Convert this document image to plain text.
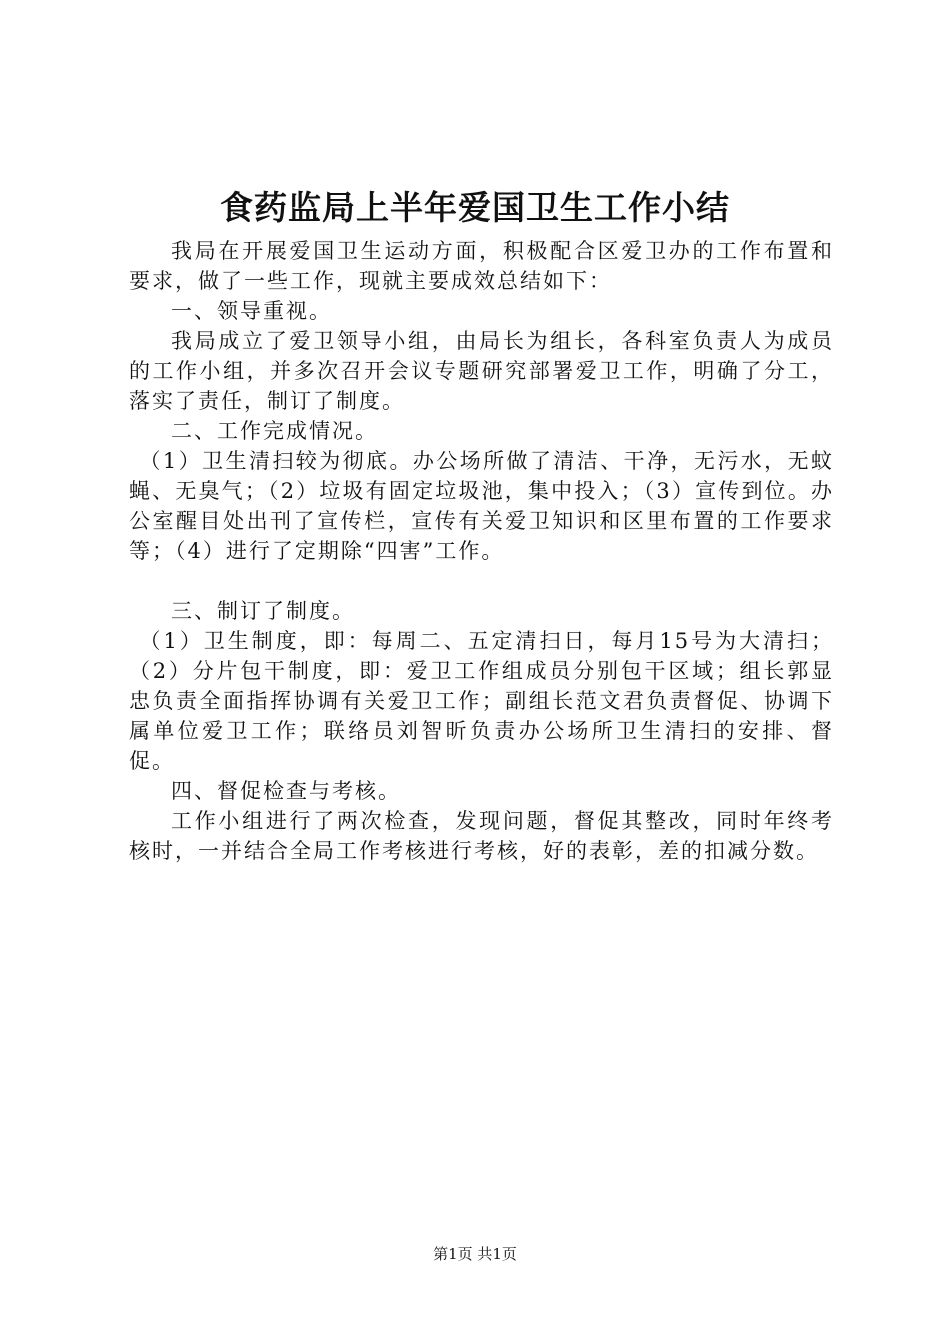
食药监局上半年爱国卫生工作小结

我局在开展爱国卫生运动方面，积极配合区爱卫办的工作布置和要求，做了一些工作，现就主要成效总结如下：

一、领导重视。

我局成立了爱卫领导小组，由局长为组长，各科室负责人为成员的工作小组，并多次召开会议专题研究部署爱卫工作，明确了分工，落实了责任，制订了制度。

二、工作完成情况。

（1）卫生清扫较为彻底。办公场所做了清洁、干净，无污水，无蚊蝇、无臭气；（2）垃圾有固定垃圾池，集中投入；（3）宣传到位。办公室醒目处出刊了宣传栏，宣传有关爱卫知识和区里布置的工作要求等；（4）进行了定期除“四害”工作。

三、制订了制度。

（1）卫生制度，即：每周二、五定清扫日，每月15号为大清扫；（2）分片包干制度，即：爱卫工作组成员分别包干区域；组长郭显忠负责全面指挥协调有关爱卫工作；副组长范文君负责督促、协调下属单位爱卫工作；联络员刘智昕负责办公场所卫生清扫的安排、督促。

四、督促检查与考核。

工作小组进行了两次检查，发现问题，督促其整改，同时年终考核时，一并结合全局工作考核进行考核，好的表彰，差的扣减分数。

第1页 共1页
